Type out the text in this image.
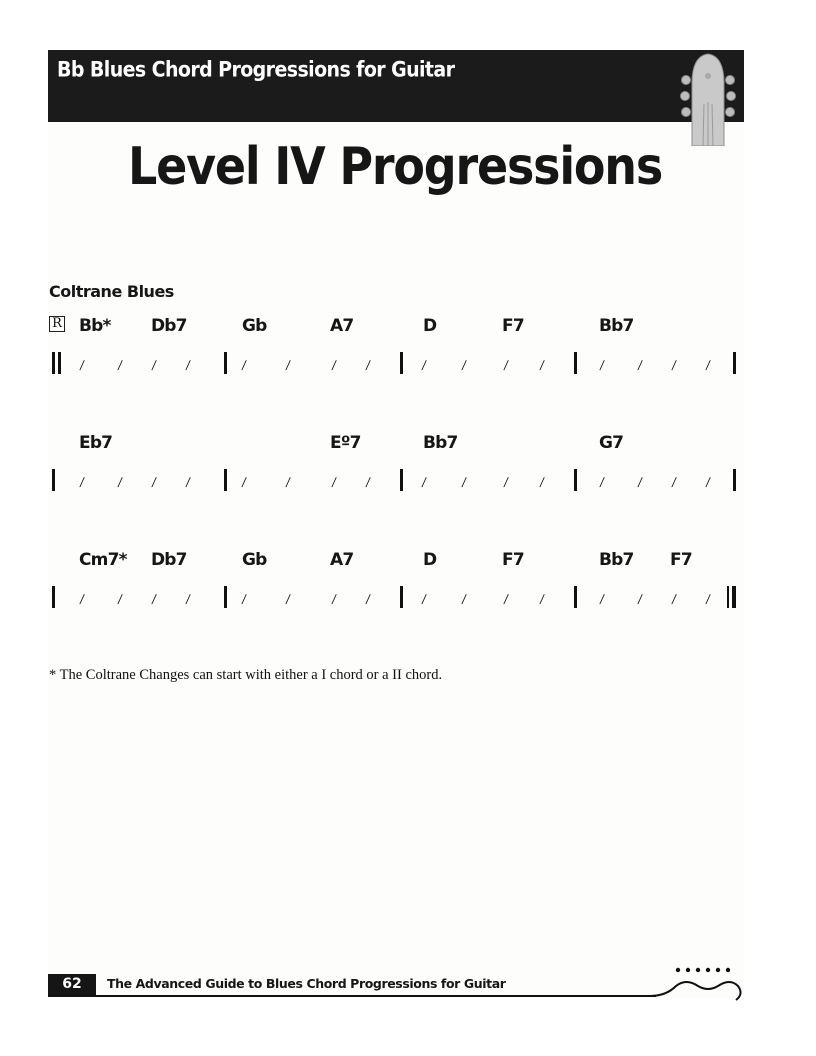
Bb Blues Chord Progressions for Guitar
Level IV Progressions
Coltrane Blues
R Bb* Db7	Gb	A7	D	F7	Bb7
/	/ / /	/	/	/ /	/	/	/ /	/	/ / /
Eb7	Eº7	Bb7	G7
/	/ / /	/	/	/ /	/	/	/ /	/	/ / /
Cm7* Db7	Gb	A7	D	F7	Bb7 F7
/	/ / /	/	/	/ /	/	/	/ /	/	/ / /
* The Coltrane Changes can start with either a I chord or a II chord.
62	The Advanced Guide to Blues Chord Progressions for Guitar
